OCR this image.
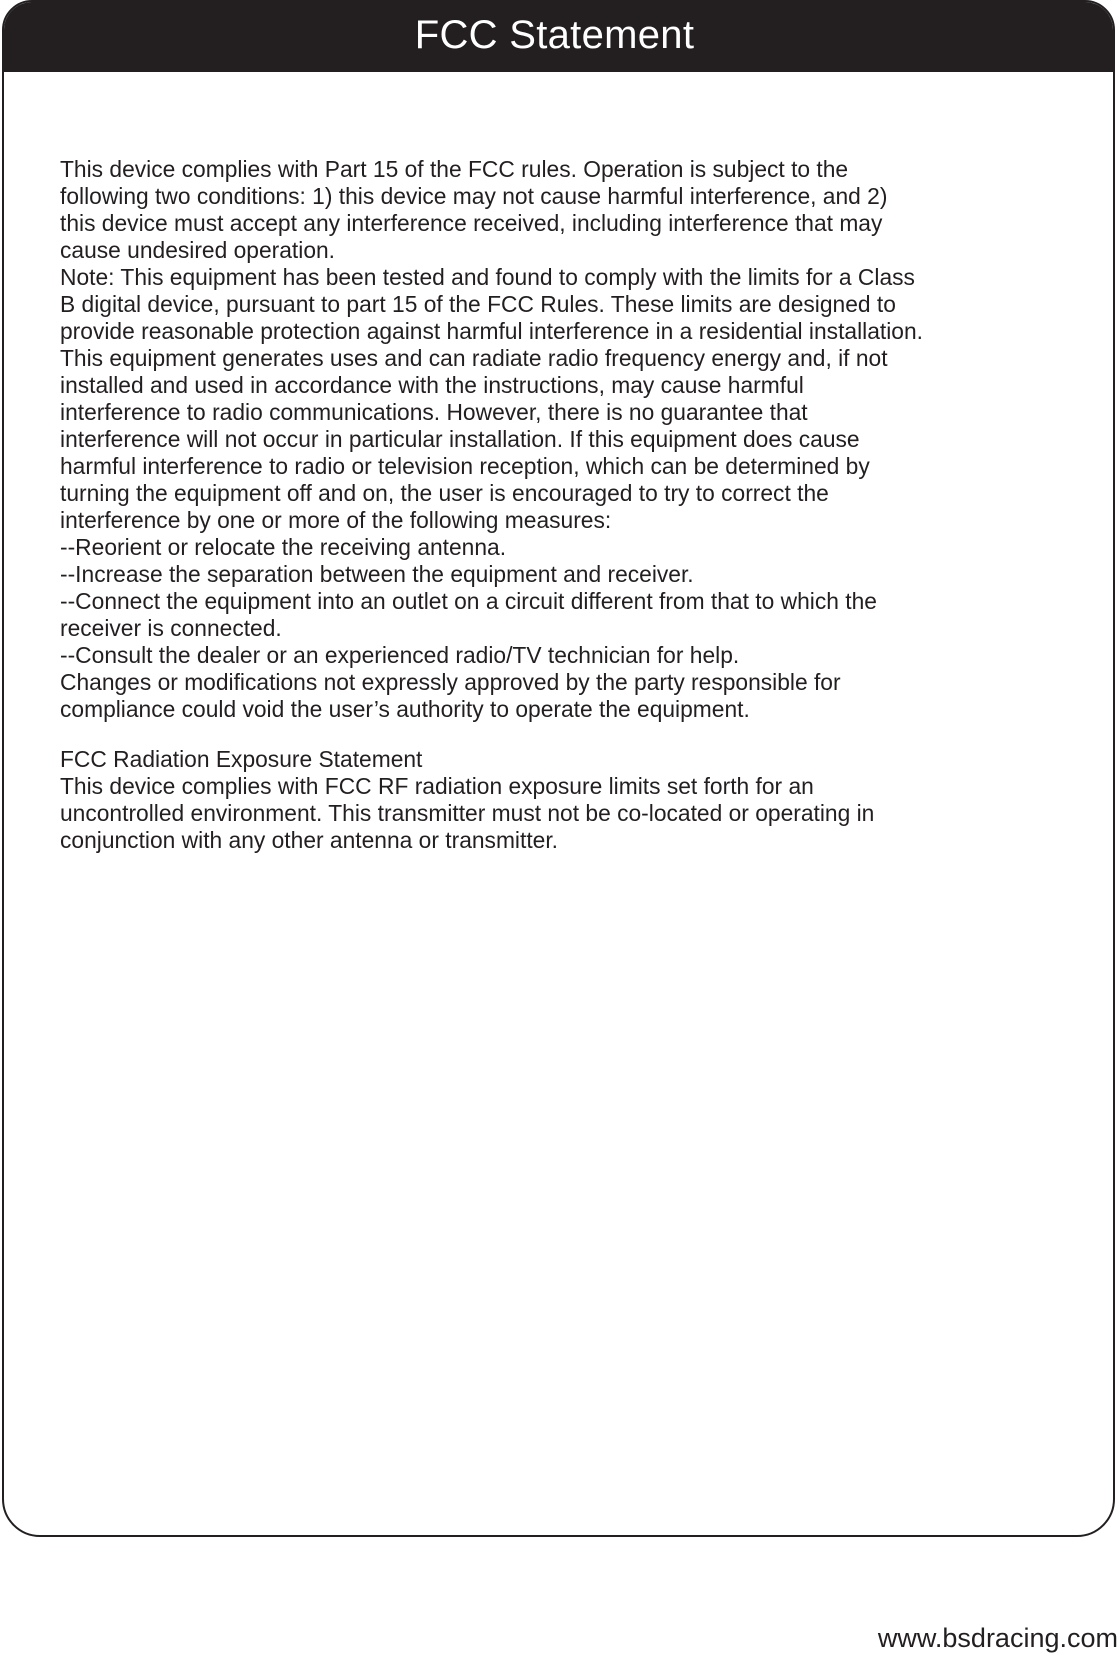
FCC Statement
This device complies with Part 15 of the FCC rules. Operation is subject to the
following two conditions: 1) this device may not cause harmful interference, and 2)
this device must accept any interference received, including interference that may
cause undesired operation.
Note: This equipment has been tested and found to comply with the limits for a Class
B digital device, pursuant to part 15 of the FCC Rules. These limits are designed to
provide reasonable protection against harmful interference in a residential installation.
This equipment generates uses and can radiate radio frequency energy and, if not
installed and used in accordance with the instructions, may cause harmful
interference to radio communications. However, there is no guarantee that
interference will not occur in particular installation. If this equipment does cause
harmful interference to radio or television reception, which can be determined by
turning the equipment off and on, the user is encouraged to try to correct the
interference by one or more of the following measures:
--Reorient or relocate the receiving antenna.
--Increase the separation between the equipment and receiver.
--Connect the equipment into an outlet on a circuit different from that to which the
receiver is connected.
--Consult the dealer or an experienced radio/TV technician for help.
Changes or modifications not expressly approved by the party responsible for
compliance could void the user’s authority to operate the equipment.
FCC Radiation Exposure Statement
This device complies with FCC RF radiation exposure limits set forth for an
uncontrolled environment. This transmitter must not be co-located or operating in
conjunction with any other antenna or transmitter.
www.bsdracing.com
